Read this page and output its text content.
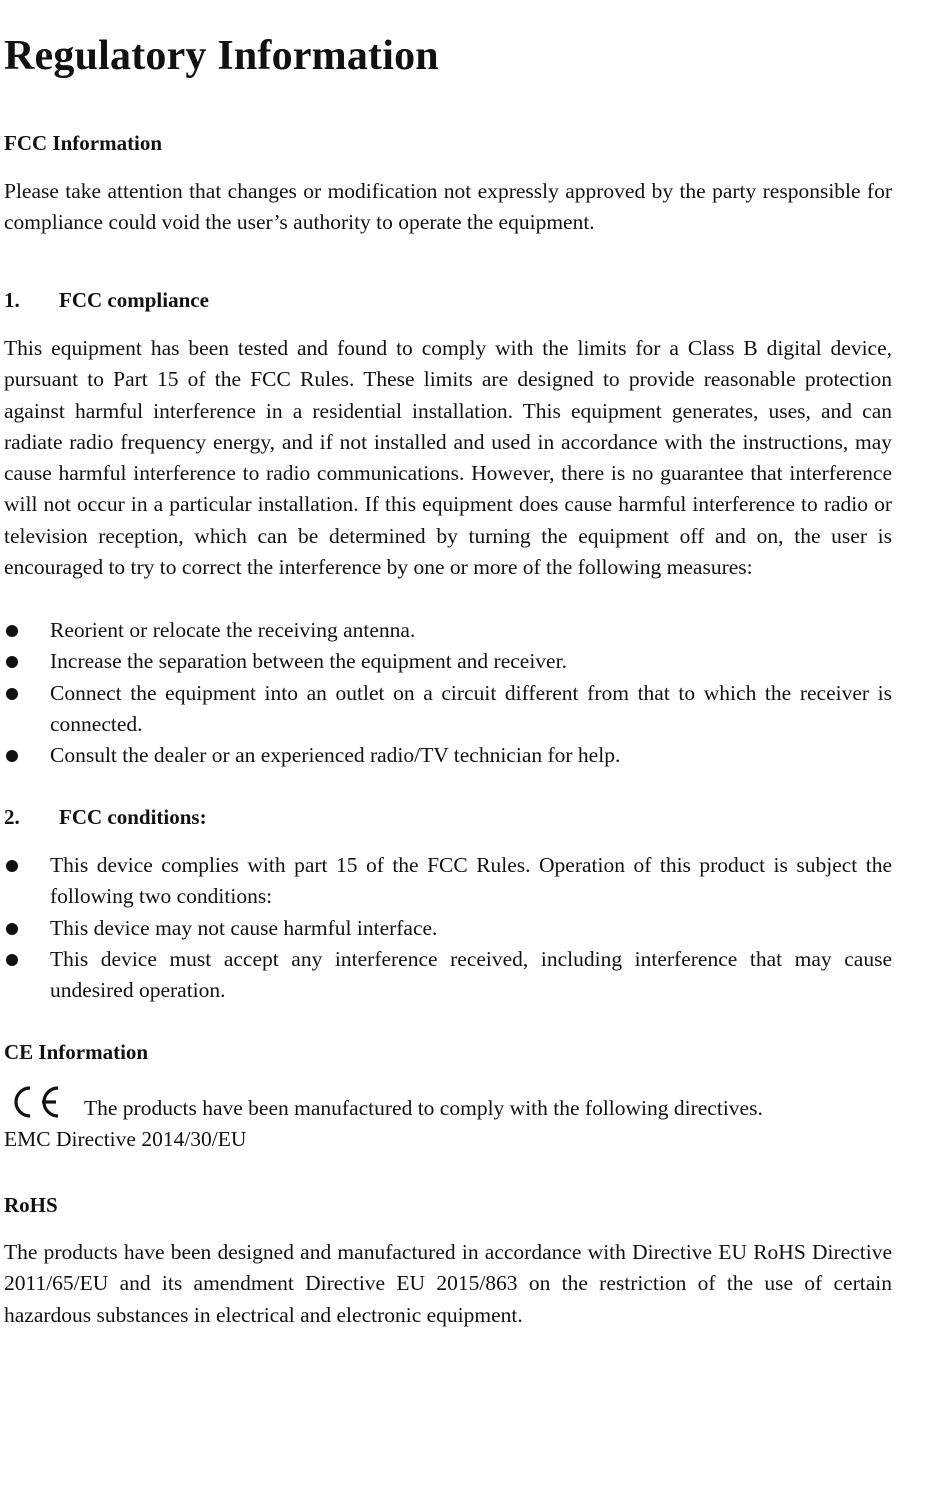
Regulatory Information
FCC Information

Please take attention that changes or modification not expressly approved by the party responsible for compliance could void the user’s authority to operate the equipment.

1. FCC compliance

This equipment has been tested and found to comply with the limits for a Class B digital device, pursuant to Part 15 of the FCC Rules. These limits are designed to provide reasonable protection against harmful interference in a residential installation. This equipment generates, uses, and can radiate radio frequency energy, and if not installed and used in accordance with the instructions, may cause harmful interference to radio communications. However, there is no guarantee that interference will not occur in a particular installation. If this equipment does cause harmful interference to radio or television reception, which can be determined by turning the equipment off and on, the user is encouraged to try to correct the interference by one or more of the following measures:

Reorient or relocate the receiving antenna.
Increase the separation between the equipment and receiver.
Connect the equipment into an outlet on a circuit different from that to which the receiver is connected.
Consult the dealer or an experienced radio/TV technician for help.
2. FCC conditions:
This device complies with part 15 of the FCC Rules. Operation of this product is subject the following two conditions:
This device may not cause harmful interface.
This device must accept any interference received, including interference that may cause undesired operation.
CE Information
The products have been manufactured to comply with the following directives.
EMC Directive 2014/30/EU
RoHS

The products have been designed and manufactured in accordance with Directive EU RoHS Directive 2011/65/EU and its amendment Directive EU 2015/863 on the restriction of the use of certain hazardous substances in electrical and electronic equipment.
